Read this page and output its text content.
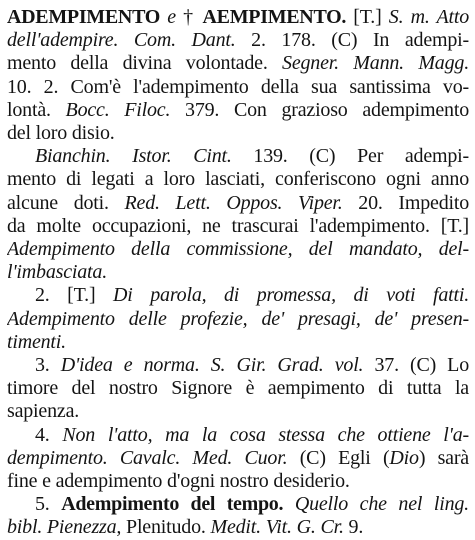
ADEMPIMENTO e † AEMPIMENTO. [T.] S. m. Atto
dell'adempire. Com. Dant. 2. 178. (C) In adempi-
mento della divina volontade. Segner. Mann. Magg.
10. 2. Com'è l'adempimento della sua santissima vo-
lontà. Bocc. Filoc. 379. Con grazioso adempimento
del loro disio.
Bianchin. Istor. Cint. 139. (C) Per adempi-
mento di legati a loro lasciati, conferiscono ogni anno
alcune doti. Red. Lett. Oppos. Viper. 20. Impedito
da molte occupazioni, ne trascurai l'adempimento. [T.]
Adempimento della commissione, del mandato, del-
l'imbasciata.
2. [T.] Di parola, di promessa, di voti fatti.
Adempimento delle profezie, de' presagi, de' presen-
timenti.
3. D'idea e norma. S. Gir. Grad. vol. 37. (C) Lo
timore del nostro Signore è aempimento di tutta la
sapienza.
4. Non l'atto, ma la cosa stessa che ottiene l'a-
dempimento. Cavalc. Med. Cuor. (C) Egli (Dio) sarà
fine e adempimento d'ogni nostro desiderio.
5. Adempimento del tempo. Quello che nel ling.
bibl. Pienezza, Plenitudo. Medit. Vit. G. Cr. 9.
